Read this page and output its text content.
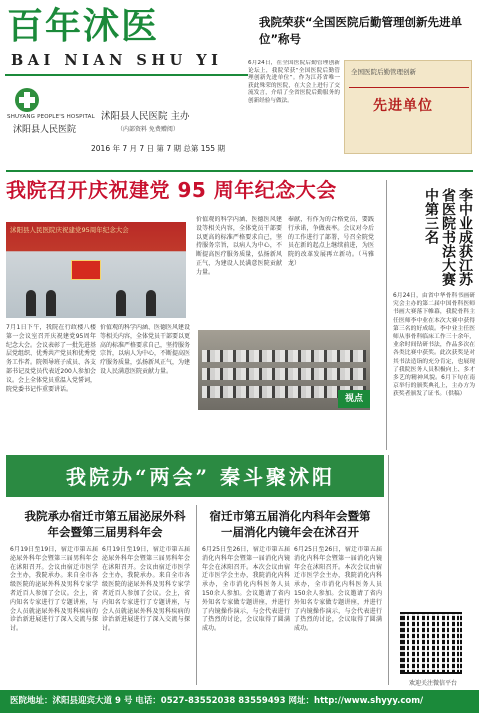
百年沭医
BAI NIAN SHU YI
SHUYANG PEOPLE'S HOSPITAL
沭阳县人民医院
沭阳县人民医院 主办
（内部资料 免费赠阅）
2016 年 7 月 7 日 第 7 期 总第 155 期
我院荣获“全国医院后勤管理创新先进单位”称号
6月24日，在全国医院后勤管理创新论坛上，我院荣获“全国医院后勤管理创新先进单位”。作为江苏省唯一获此殊荣的医院，在大会上进行了交流发言，介绍了全省医院后勤服务的创新经验与做法。
全国医院后勤管理创新
先进单位
我院召开庆祝建党 95 周年纪念大会
沭阳县人民医院庆祝建党95周年纪念大会
7月1日下午，我院在行政楼八楼第一会议室召开庆祝建党95周年纪念大会。会议表彰了一批先进基层党组织、优秀共产党员和优秀党务工作者。院领导班子成员、各支部书记及党员代表近200人参加会议。会上全体党员重温入党誓词，院党委书记作重要讲话。
价值观的科学内涵、医德医风建设等相关内容，全体党员干部要以更高的标准严格要求自己，坚持服务宗旨，以病人为中心，不断提高医疗服务质量，弘扬新风正气，为建设人民满意医院贡献力量。
价值观的科学内涵、医德医风建设等相关内容，全体党员干部要以更高的标准严格要求自己，坚持服务宗旨，以病人为中心，不断提高医疗服务质量，弘扬新风正气，为建设人民满意医院贡献力量。
奉献，有作为的合格党员，要践行承诺，争做表率。会议对今后的工作进行了部署，号召全院党员在新的起点上继续前进，为医院的改革发展再立新功。（马雅龙）
视点
李中业成获江苏省医院书法大赛中第三名
6月24日，由省中华骨科书画研究会主办的第二届中国骨科医师书画大赛落下帷幕，我院骨科主任医师李中业在本次大赛中获得第三名的好成绩。李中业主任医师从事骨科临床工作三十余年，业余时间钻研书法，作品多次在各类比赛中获奖。此次获奖是对其书法造诣的充分肯定，也展现了我院医务人员积极向上、多才多艺的精神风貌。6月下旬在南京举行的颁奖典礼上，主办方为获奖者颁发了证书。（供稿）
我院办“两会” 秦斗聚沭阳
我院承办宿迁市第五届泌尿外科年会暨第三届男科年会
宿迁市第五届消化内科年会暨第一届消化内镜年会在沭召开
6月19日至19日，宿迁市第五届泌尿外科年会暨第三届男科年会在沭阳召开。会议由宿迁市医学会主办，我院承办。来自全市各级医院的泌尿外科及男科专家学者近百人参加了会议。会上，省内知名专家进行了专题讲座，与会人员就泌尿外科及男科疾病的诊治新进展进行了深入交流与探讨。
6月19日至19日，宿迁市第五届泌尿外科年会暨第三届男科年会在沭阳召开。会议由宿迁市医学会主办，我院承办。来自全市各级医院的泌尿外科及男科专家学者近百人参加了会议。会上，省内知名专家进行了专题讲座，与会人员就泌尿外科及男科疾病的诊治新进展进行了深入交流与探讨。
6月25日至26日，宿迁市第五届消化内科年会暨第一届消化内镜年会在沭阳召开。本次会议由宿迁市医学会主办，我院消化内科承办，全市消化内科医务人员150余人参加。会议邀请了省内外知名专家做专题讲座，并进行了内镜操作演示，与会代表进行了热烈的讨论，会议取得了圆满成功。
6月25日至26日，宿迁市第五届消化内科年会暨第一届消化内镜年会在沭阳召开。本次会议由宿迁市医学会主办，我院消化内科承办，全市消化内科医务人员150余人参加。会议邀请了省内外知名专家做专题讲座，并进行了内镜操作演示，与会代表进行了热烈的讨论，会议取得了圆满成功。
欢迎关注微信平台
医院地址：沭阳县迎宾大道 9 号 电话：0527-83552038 83559493 网址：http://www.shyyy.com/
